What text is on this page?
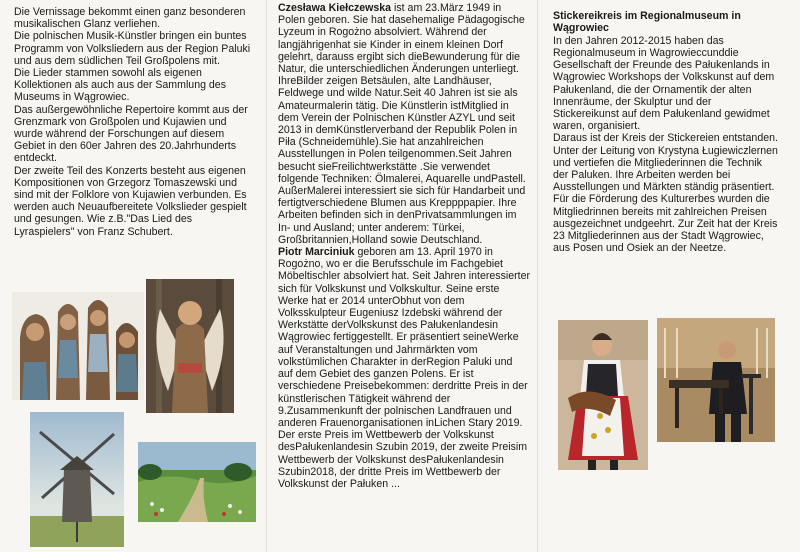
Die Vernissage bekommt einen ganz besonderen musikalischen Glanz verliehen.

Die polnischen Musik-Künstler bringen ein buntes Programm von Volksliedern aus der Region Paluki und aus dem südlichen Teil Großpolens mit.

Die Lieder stammen sowohl als eigenen Kollektionen als auch aus der Sammlung des Museums in Wągrowiec.

Das außergewöhnliche Repertoire kommt aus der Grenzmark von Großpolen und Kujawien und wurde während der Forschungen auf diesem Gebiet in den 60er Jahren des 20.Jahrhunderts entdeckt.

Der zweite Teil des Konzerts besteht aus eigenen Kompositionen von Grzegorz Tomaszewski und sind mit der Folklore von Kujawien verbunden. Es werden auch Neuaufbereitete Volkslieder gespielt und gesungen. Wie z.B."Das Lied des Lyraspielers" von Franz Schubert.

Czesława Kiełczewska ist am 23.März 1949 in Polen geboren. Sie hat dasehemalige Pädagogische Lyzeum in Rogożno absolviert. Während der langjährigenhat sie Kinder in einem kleinen Dorf gelehrt, darauss ergibt sich dieBewunderung für die Natur, die unterschiedlichen Änderungen unterliegt. IhreBilder zeigen Betsäulen, alte Landhäuser, Feldwege und wilde Natur.Seit 40 Jahren ist sie als Amateurmalerin tätig. Die Künstlerin istMitglied in dem Verein der Polnischen Künstler AZYL und seit 2013 in demKünstlerverband der Republik Polen in Piła (Schneidemühle).Sie hat anzahlreichen Ausstellungen in Polen teilgenommen.Seit Jahren besucht sieFreilichtwerkstätte .Sie verwendet folgende Techniken: Ölmalerei, Aquarelle undPastell. AußerMalerei interessiert sie sich für Handarbeit und fertigtverschiedene Blumen aus Kreppppapier. Ihre Arbeiten befinden sich in denPrivatsammlungen im In- und Ausland; unter anderem: Türkei, Großbritannien,Holland sowie Deutschland.

Piotr Marciniuk geboren am 13. April 1970 in Rogożno, wo er die Berufsschule im Fachgebiet Möbeltischler absolviert hat. Seit Jahren interessierter sich für Volkskunst und Volkskultur. Seine erste Werke hat er 2014 unterObhut von dem Volksskulpteur Eugeniusz Izdebski während der Werkstätte derVolkskunst des Pałukenlandesin Wągrowiec fertiggestellt. Er präsentiert seineWerke auf Veranstaltungen und Jahrmärkten vom volkstümlichen Charakter in derRegion Paluki und auf dem Gebiet des ganzen Polens. Er ist verschiedene Preisebekommen: derdritte Preis in der künstlerischen Tätigkeit während der 9.Zusammenkunft der polnischen Landfrauen und anderen Frauenorganisationen inLichen Stary 2019. Der erste Preis im Wettbewerb der Volkskunst desPałukenlandesin Szubin 2019, der zweite Preisim Wettbewerb der Volkskunst desPałukenlandesin Szubin2018, der dritte Preis im Wettbewerb der Volkskunst der Pałuken ...

Stickereikreis im Regionalmuseum in Wągrowiec

In den Jahren 2012-2015 haben das Regionalmuseum in Wagrowieccunddie Gesellschaft der Freunde des Pałukenlands in Wągrowiec Workshops der Volkskunst auf dem Pałukenland, die der Ornamentik der alten Innenräume, der Skulptur und der Stickereikunst auf dem Pałukenland gewidmet waren, organisiert.

Daraus ist der Kreis der Stickereien entstanden. Unter der Leitung von Krystyna Ługiewiczlernen und vertiefen die Mitgliederinnen die Technik der Paluken. Ihre Arbeiten werden bei Ausstellungen und Märkten ständig präsentiert. Für die Förderung des Kulturerbes wurden die Mitgliedrinnen bereits mit zahlreichen Preisen ausgezeichnet undgeehrt. Zur Zeit hat der Kreis 23 Mitgliederinnen aus der Stadt Wągrowiec, aus Posen und Osiek an der Neetze.
